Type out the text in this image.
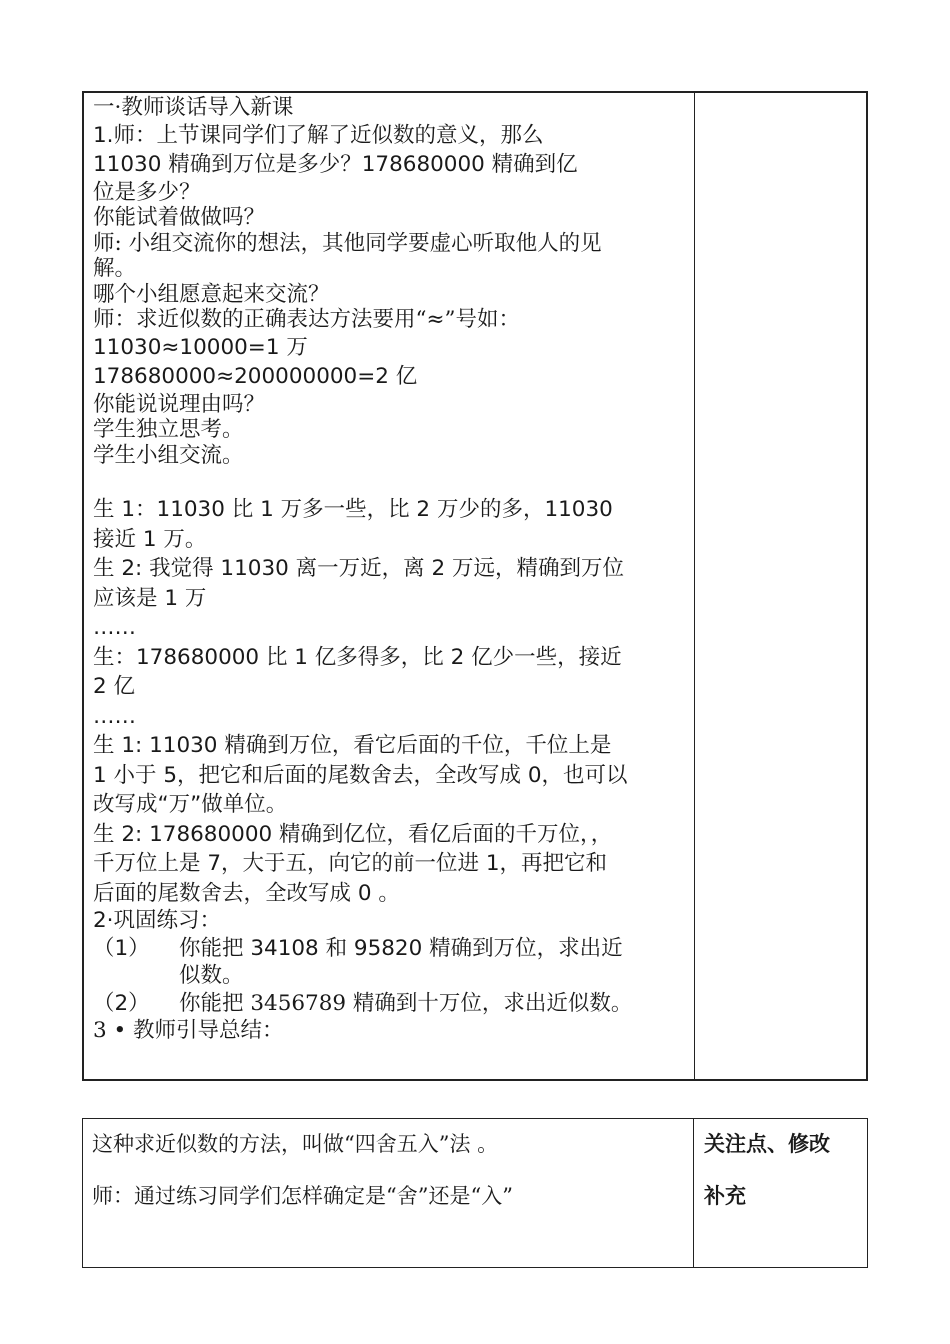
一·教师谈话导入新课
1.师：上节课同学们了解了近似数的意义，那么
11030 精确到万位是多少？178680000 精确到亿
位是多少？
你能试着做做吗？
师: 小组交流你的想法，其他同学要虚心听取他人的见
解。
哪个小组愿意起来交流？
师：求近似数的正确表达方法要用“≈”号如：
11030≈10000=1 万
178680000≈200000000=2 亿
你能说说理由吗？
学生独立思考。
学生小组交流。
生 1：11030 比 1 万多一些，比 2 万少的多，11030
接近 1 万。
生 2: 我觉得 11030 离一万近，离 2 万远，精确到万位
应该是 1 万
……
生：178680000 比 1 亿多得多，比 2 亿少一些，接近
2 亿
……
生 1: 11030 精确到万位，看它后面的千位，千位上是
1 小于 5，把它和后面的尾数舍去，全改写成 0，也可以
改写成“万”做单位。
生 2: 178680000 精确到亿位，看亿后面的千万位，，
千万位上是 7，大于五，向它的前一位进 1，再把它和
后面的尾数舍去，全改写成 0 。
2·巩固练习：
（1）	你能把 34108 和 95820 精确到万位，求出近
似数。
（2）	你能把 3456789 精确到十万位，求出近似数。
3 • 教师引导总结：
这种求近似数的方法，叫做“四舍五入”法 。
师：通过练习同学们怎样确定是“舍”还是“入”
关注点、修改
补充
